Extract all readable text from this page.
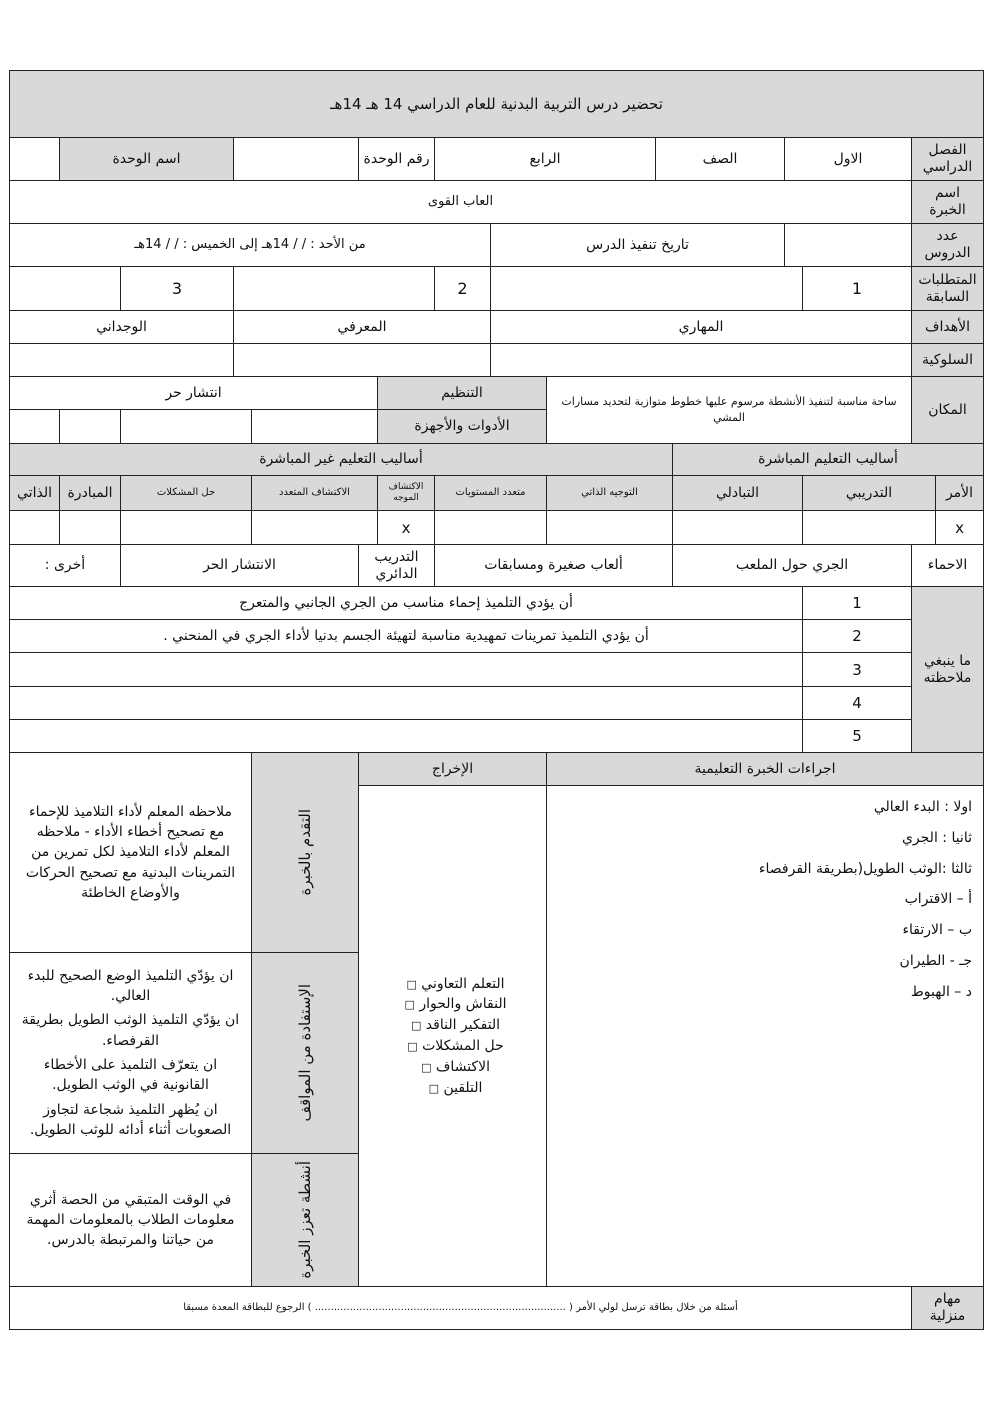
تحضير درس التربية البدنية للعام الدراسي 14 هـ 14هـ
الفصل الدراسي
الاول
الصف
الرابع
رقم الوحدة
اسم الوحدة
اسم الخبرة
العاب القوى
عدد الدروس
تاريخ تنفيذ الدرس
من الأحد : / / 14هـ إلى الخميس : / / 14هـ
المتطلبات السابقة
1
2
3
الأهداف
السلوكية
المهاري
المعرفي
الوجداني
المكان
ساحة مناسبة لتنفيذ الأنشطة مرسوم عليها خطوط متوازية لتحديد مسارات المشي
التنظيم
انتشار حر
الأدوات والأجهزة
أساليب التعليم المباشرة
أساليب التعليم غير المباشرة
الأمر
التدريبي
التبادلي
التوجيه الذاتي
متعدد المستويات
الاكتشاف الموجه
الاكتشاف المتعدد
حل المشكلات
المبادرة
الذاتي
x
x
الاحماء
الجري حول الملعب
ألعاب صغيرة ومسابقات
التدريب الدائري
الانتشار الحر
أخرى :
ما ينبغي ملاحظته
1
أن يؤدي التلميذ إحماء مناسب من الجري الجانبي والمتعرج
2
أن يؤدي التلميذ تمرينات تمهيدية مناسبة لتهيئة الجسم بدنيا لأداء الجري في المنحني .
3
4
5
اجراءات الخبرة التعليمية
الإخراج
اولا : البدء العالي
ثانيا : الجري
ثالثا :الوثب الطويل(بطريقة القرفصاء
أ – الاقتراب
ب – الارتقاء
جـ - الطيران
د – الهبوط
التعلم التعاوني □
النقاش والحوار □
التفكير الناقد □
حل المشكلات □
الاكتشاف □
التلقين □
التقدم بالخبرة
الإستفادة من المواقف
أنشطة تعزز الخبرة
ملاحظه المعلم لأداء التلاميذ للإحماء مع تصحيح أخطاء الأداء - ملاحظه المعلم لأداء التلاميذ لكل تمرين من التمرينات البدنية مع تصحيح الحركات والأوضاع الخاطئة
ان يؤدّي التلميذ الوضع الصحيح للبدء العالي.
ان يؤدّي التلميذ الوثب الطويل بطريقة القرفصاء.
ان يتعرّف التلميذ على الأخطاء القانونية في الوثب الطويل.
ان يُظهر التلميذ شجاعة لتجاوز الصعوبات أثناء أدائه للوثب الطويل.
في الوقت المتبقي من الحصة أثري معلومات الطلاب بالمعلومات المهمة من حياتنا والمرتبطة بالدرس.
مهام منزلية
أسئلة من خلال بطاقة ترسل لولي الأمر ( ............................................................................... ) الرجوع للبطاقة المعدة مسبقا
